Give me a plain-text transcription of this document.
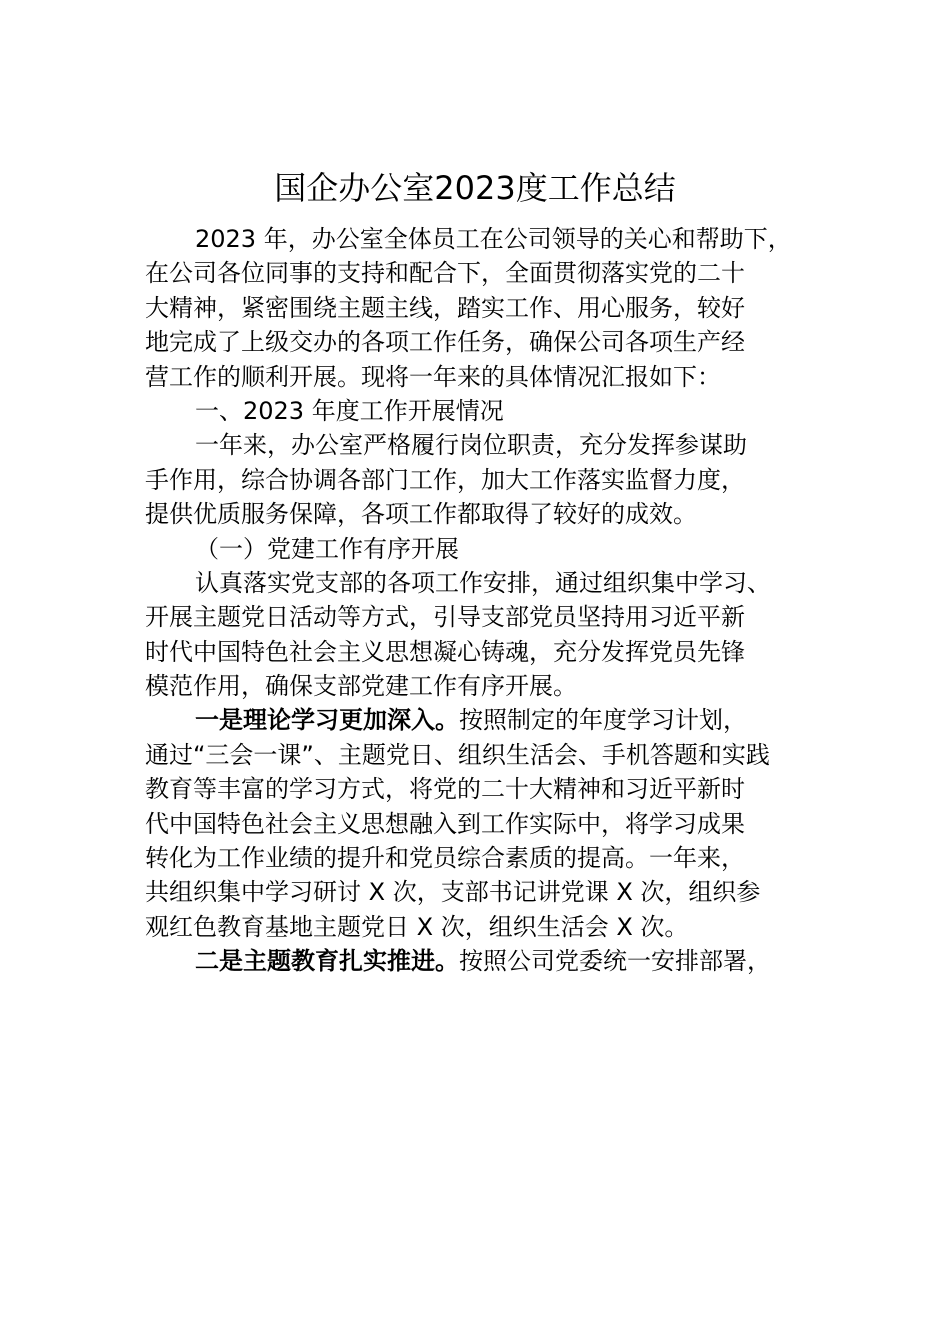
国企办公室2023度工作总结
2023 年，办公室全体员工在公司领导的关心和帮助下，
在公司各位同事的支持和配合下，全面贯彻落实党的二十
大精神，紧密围绕主题主线，踏实工作、用心服务，较好
地完成了上级交办的各项工作任务，确保公司各项生产经
营工作的顺利开展。现将一年来的具体情况汇报如下：
一、2023 年度工作开展情况
一年来，办公室严格履行岗位职责，充分发挥参谋助
手作用，综合协调各部门工作，加大工作落实监督力度，
提供优质服务保障，各项工作都取得了较好的成效。
（一）党建工作有序开展
认真落实党支部的各项工作安排，通过组织集中学习、
开展主题党日活动等方式，引导支部党员坚持用习近平新
时代中国特色社会主义思想凝心铸魂，充分发挥党员先锋
模范作用，确保支部党建工作有序开展。
一是理论学习更加深入。按照制定的年度学习计划，
通过“三会一课”、主题党日、组织生活会、手机答题和实践
教育等丰富的学习方式，将党的二十大精神和习近平新时
代中国特色社会主义思想融入到工作实际中，将学习成果
转化为工作业绩的提升和党员综合素质的提高。一年来，
共组织集中学习研讨 X 次，支部书记讲党课 X 次，组织参
观红色教育基地主题党日 X 次，组织生活会 X 次。
二是主题教育扎实推进。按照公司党委统一安排部署，
